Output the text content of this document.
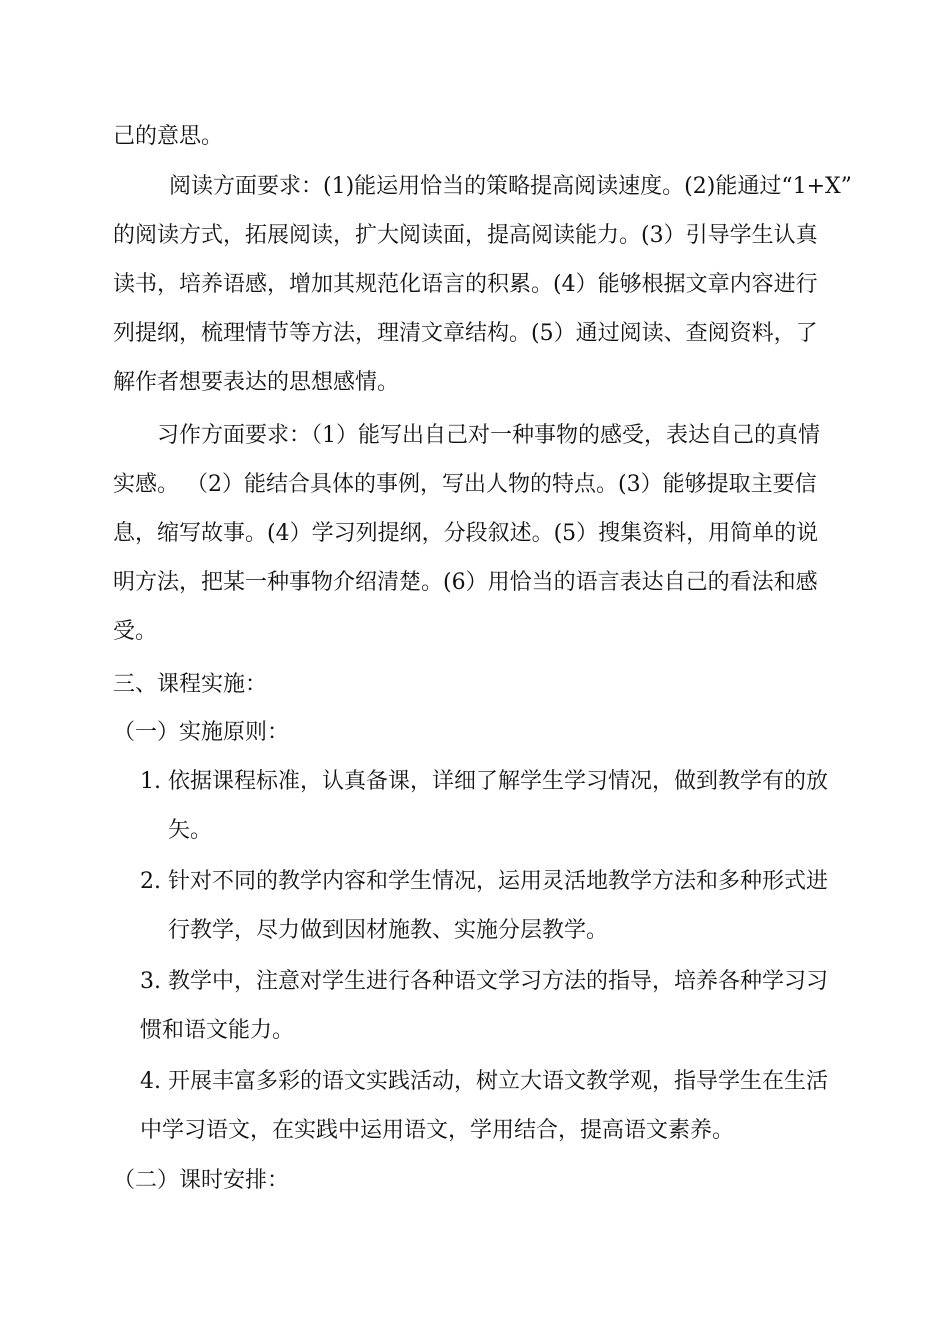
己的意思。
阅读方面要求：(1)能运用恰当的策略提高阅读速度。(2)能通过“1+X”
的阅读方式，拓展阅读，扩大阅读面，提高阅读能力。(3）引导学生认真
读书，培养语感，增加其规范化语言的积累。(4）能够根据文章内容进行
列提纲，梳理情节等方法，理清文章结构。(5）通过阅读、查阅资料，了
解作者想要表达的思想感情。
习作方面要求：（1）能写出自己对一种事物的感受，表达自己的真情
实感。 （2）能结合具体的事例，写出人物的特点。(3）能够提取主要信
息，缩写故事。(4）学习列提纲，分段叙述。(5）搜集资料，用简单的说
明方法，把某一种事物介绍清楚。(6）用恰当的语言表达自己的看法和感
受。
三、课程实施：
（一）实施原则：
1. 依据课程标准，认真备课，详细了解学生学习情况，做到教学有的放
矢。
2. 针对不同的教学内容和学生情况，运用灵活地教学方法和多种形式进
行教学，尽力做到因材施教、实施分层教学。
3. 教学中，注意对学生进行各种语文学习方法的指导，培养各种学习习
惯和语文能力。
4. 开展丰富多彩的语文实践活动，树立大语文教学观，指导学生在生活
中学习语文，在实践中运用语文，学用结合，提高语文素养。
（二）课时安排：
